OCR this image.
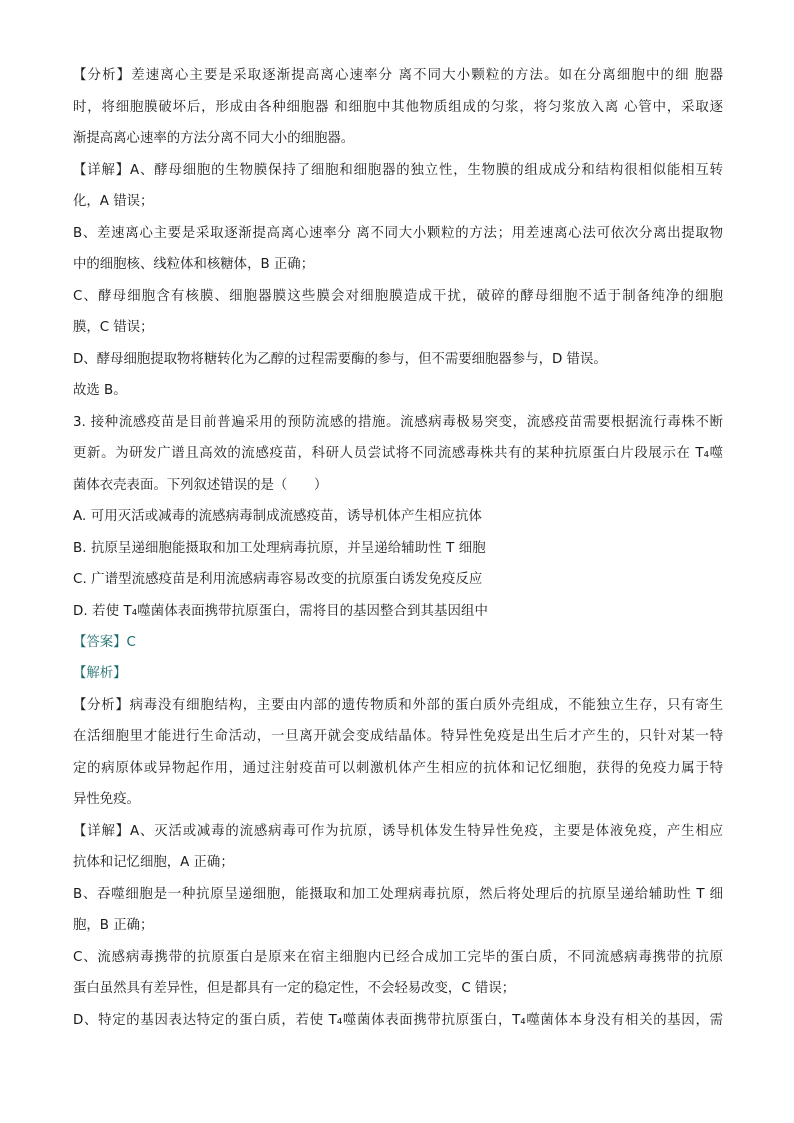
【分析】差速离心主要是采取逐渐提高离心速率分 离不同大小颗粒的方法。如在分离细胞中的细 胞器
时，将细胞膜破坏后，形成由各种细胞器 和细胞中其他物质组成的匀浆，将匀浆放入离 心管中，采取逐
渐提高离心速率的方法分离不同大小的细胞器。
【详解】A、酵母细胞的生物膜保持了细胞和细胞器的独立性，生物膜的组成成分和结构很相似能相互转
化，A 错误；
B、差速离心主要是采取逐渐提高离心速率分 离不同大小颗粒的方法；用差速离心法可依次分离出提取物
中的细胞核、线粒体和核糖体，B 正确；
C、酵母细胞含有核膜、细胞器膜这些膜会对细胞膜造成干扰，破碎的酵母细胞不适于制备纯净的细胞
膜，C 错误；
D、酵母细胞提取物将糖转化为乙醇的过程需要酶的参与，但不需要细胞器参与，D 错误。
故选 B。
3. 接种流感疫苗是目前普遍采用的预防流感的措施。流感病毒极易突变，流感疫苗需要根据流行毒株不断
更新。为研发广谱且高效的流感疫苗，科研人员尝试将不同流感毒株共有的某种抗原蛋白片段展示在 T₄噬
菌体衣壳表面。下列叙述错误的是（　　）
A. 可用灭活或减毒的流感病毒制成流感疫苗，诱导机体产生相应抗体
B. 抗原呈递细胞能摄取和加工处理病毒抗原，并呈递给辅助性 T 细胞
C. 广谱型流感疫苗是利用流感病毒容易改变的抗原蛋白诱发免疫反应
D. 若使 T₄噬菌体表面携带抗原蛋白，需将目的基因整合到其基因组中
【答案】C
【解析】
【分析】病毒没有细胞结构，主要由内部的遗传物质和外部的蛋白质外壳组成，不能独立生存，只有寄生
在活细胞里才能进行生命活动，一旦离开就会变成结晶体。特异性免疫是出生后才产生的，只针对某一特
定的病原体或异物起作用，通过注射疫苗可以刺激机体产生相应的抗体和记忆细胞，获得的免疫力属于特
异性免疫。
【详解】A、灭活或减毒的流感病毒可作为抗原，诱导机体发生特异性免疫，主要是体液免疫，产生相应
抗体和记忆细胞，A 正确；
B、吞噬细胞是一种抗原呈递细胞，能摄取和加工处理病毒抗原，然后将处理后的抗原呈递给辅助性 T 细
胞，B 正确；
C、流感病毒携带的抗原蛋白是原来在宿主细胞内已经合成加工完毕的蛋白质，不同流感病毒携带的抗原
蛋白虽然具有差异性，但是都具有一定的稳定性，不会轻易改变，C 错误；
D、特定的基因表达特定的蛋白质，若使 T₄噬菌体表面携带抗原蛋白，T₄噬菌体本身没有相关的基因，需
